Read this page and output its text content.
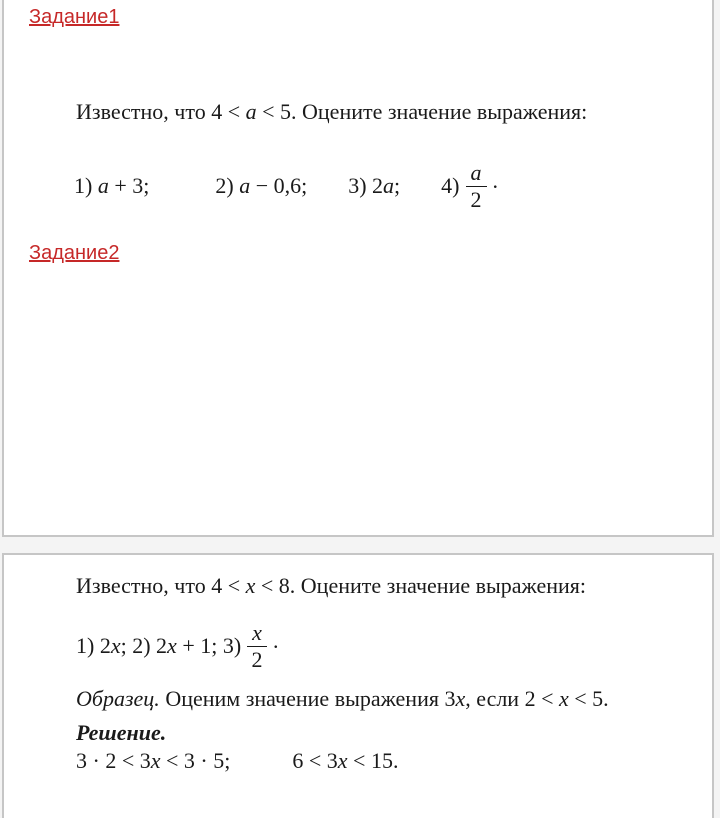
Задание1
Известно, что 4 < a < 5. Оцените значение выражения:
1) a + 3;	2) a − 0,6; 3) 2a; $4) \frac{a}{2}$ .
Задание2
Известно, что 4 < x < 8. Оцените значение выражения:
1) 2x; 2) 2x + 1; $3) \frac{x}{2}$ .
Образец. Оценим значение выражения 3x, если 2 < x < 5.
Решение.
3 · 2 < 3x < 3 · 5;	6 < 3x < 15.
